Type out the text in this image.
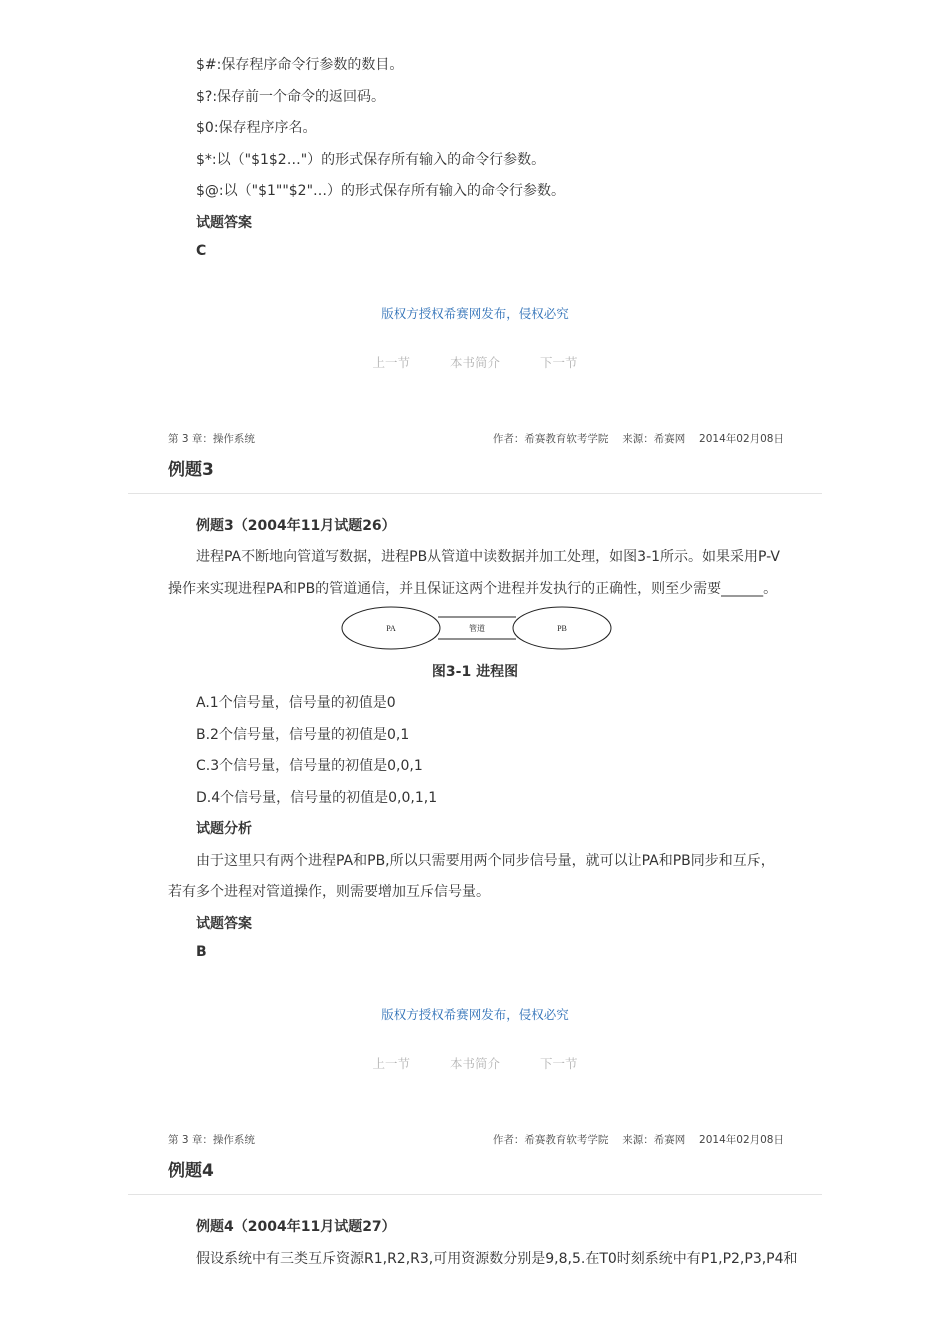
$#:保存程序命令行参数的数目。
$?:保存前一个命令的返回码。
$0:保存程序序名。
$*:以（"$1$2…"）的形式保存所有输入的命令行参数。
$@:以（"$1""$2"…）的形式保存所有输入的命令行参数。
试题答案
C
版权方授权希赛网发布，侵权必究
上一节	本书简介	下一节
第 3 章：操作系统	作者：希赛教育软考学院　 来源：希赛网　 2014年02月08日
例题3
例题3（2004年11月试题26）
进程PA不断地向管道写数据，进程PB从管道中读数据并加工处理，如图3-1所示。如果采用P-V
操作来实现进程PA和PB的管道通信，并且保证这两个进程并发执行的正确性，则至少需要______。
PA	管道	PB
图3-1 进程图
A.1个信号量，信号量的初值是0
B.2个信号量，信号量的初值是0,1
C.3个信号量，信号量的初值是0,0,1
D.4个信号量，信号量的初值是0,0,1,1
试题分析
由于这里只有两个进程PA和PB,所以只需要用两个同步信号量，就可以让PA和PB同步和互斥，
若有多个进程对管道操作，则需要增加互斥信号量。
试题答案
B
版权方授权希赛网发布，侵权必究
上一节	本书简介	下一节
第 3 章：操作系统	作者：希赛教育软考学院　 来源：希赛网　 2014年02月08日
例题4
例题4（2004年11月试题27）
假设系统中有三类互斥资源R1,R2,R3,可用资源数分别是9,8,5.在T0时刻系统中有P1,P2,P3,P4和
